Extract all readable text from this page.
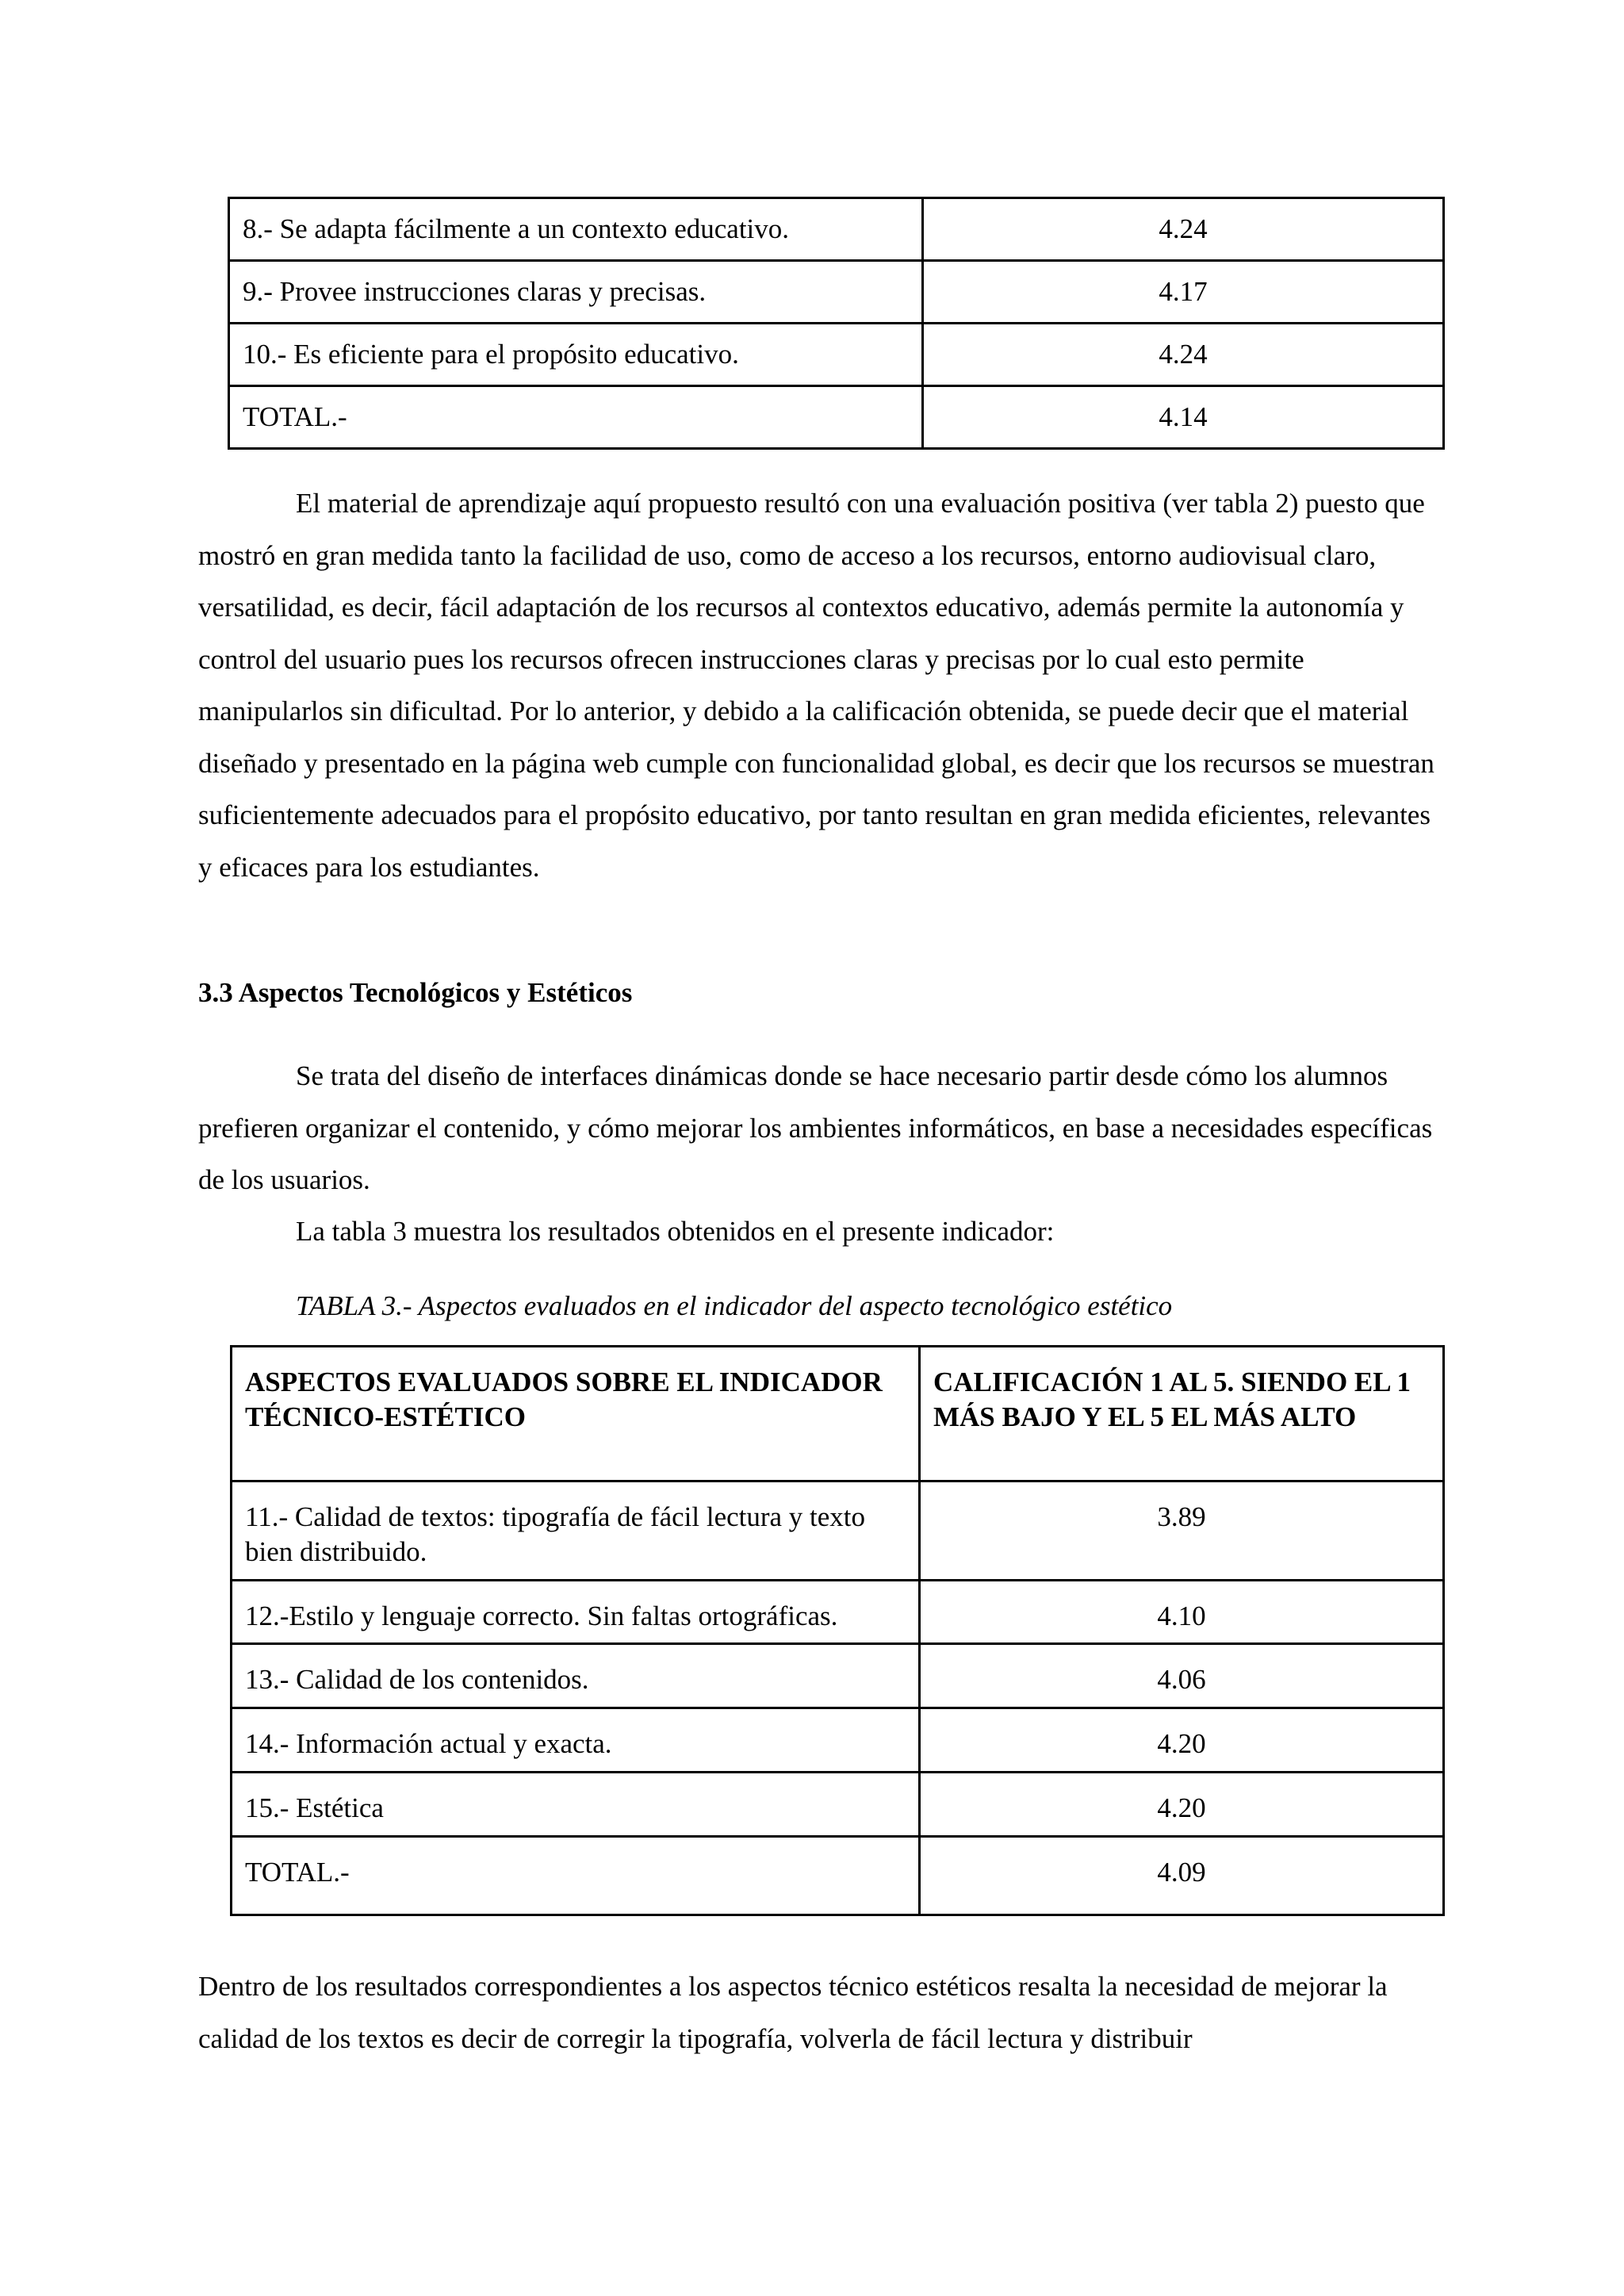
8.- Se adapta fácilmente a un contexto educativo.	4.24
9.- Provee instrucciones claras y precisas.	4.17
10.- Es eficiente para el propósito educativo.	4.24
TOTAL.-	4.14

El material de aprendizaje aquí propuesto resultó con una evaluación positiva (ver tabla 2) puesto que mostró en gran medida tanto la facilidad de uso, como de acceso a los recursos, entorno audiovisual claro, versatilidad, es decir, fácil adaptación de los recursos al contextos educativo, además permite la autonomía y control del usuario pues los recursos ofrecen instrucciones claras y precisas por lo cual esto permite manipularlos sin dificultad. Por lo anterior, y debido a la calificación obtenida, se puede decir que el material diseñado y presentado en la página web cumple con funcionalidad global, es decir que los recursos se muestran suficientemente adecuados para el propósito educativo, por tanto resultan en gran medida eficientes, relevantes y eficaces para los estudiantes.

3.3 Aspectos Tecnológicos y Estéticos

Se trata del diseño de interfaces dinámicas donde se hace necesario partir desde cómo los alumnos prefieren organizar el contenido, y cómo mejorar los ambientes informáticos, en base a necesidades específicas de los usuarios.

La tabla 3 muestra los resultados obtenidos en el presente indicador:

TABLA 3.- Aspectos evaluados en el indicador del aspecto tecnológico estético

ASPECTOS EVALUADOS SOBRE EL INDICADOR TÉCNICO-ESTÉTICO	CALIFICACIÓN 1 AL 5. SIENDO EL 1 MÁS BAJO Y EL 5 EL MÁS ALTO
11.- Calidad de textos: tipografía de fácil lectura y texto bien distribuido.	3.89
12.-Estilo y lenguaje correcto. Sin faltas ortográficas.	4.10
13.- Calidad de los contenidos.	4.06
14.- Información actual y exacta.	4.20
15.- Estética	4.20
TOTAL.-	4.09

Dentro de los resultados correspondientes a los aspectos técnico estéticos resalta la necesidad de mejorar la calidad de los textos es decir de corregir la tipografía, volverla de fácil lectura y distribuir
